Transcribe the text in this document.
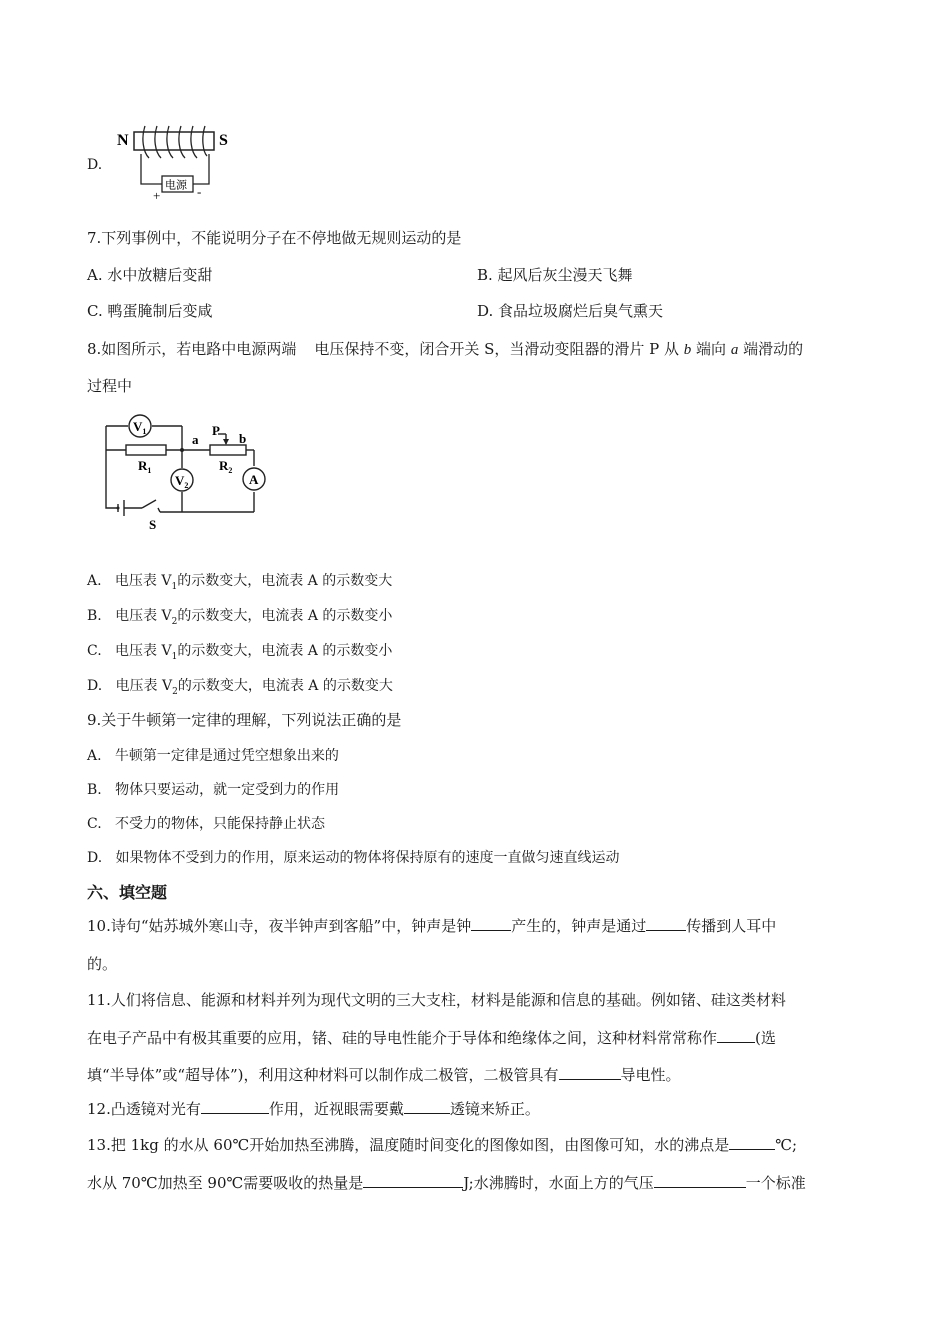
D.
N	S
电源
+	-
7.下列事例中，不能说明分子在不停地做无规则运动的是
A. 水中放糖后变甜	B. 起风后灰尘漫天飞舞
C. 鸭蛋腌制后变咸	D. 食品垃圾腐烂后臭气熏天
8.如图所示，若电路中电源两端 电压保持不变，闭合开关 S，当滑动变阻器的滑片 P 从 b 端向 a 端滑动的
过程中
$V_1$
$V_2$	A
$R_1$	$R_2$
a
P
b
S
A. 电压表 $V_1$的示数变大，电流表 A 的示数变大
B. 电压表 $V_2$的示数变大，电流表 A 的示数变小
C. 电压表 $V_1$的示数变大，电流表 A 的示数变小
D. 电压表 $V_2$的示数变大，电流表 A 的示数变大
9.关于牛顿第一定律的理解，下列说法正确的是
A. 牛顿第一定律是通过凭空想象出来的
B. 物体只要运动，就一定受到力的作用
C. 不受力的物体，只能保持静止状态
D. 如果物体不受到力的作用，原来运动的物体将保持原有的速度一直做匀速直线运动
六、填空题
10.诗句“姑苏城外寒山寺，夜半钟声到客船”中，钟声是钟	产生的，钟声是通过	传播到人耳中
的。
11.人们将信息、能源和材料并列为现代文明的三大支柱，材料是能源和信息的基础。例如锗、硅这类材料
在电子产品中有极其重要的应用，锗、硅的导电性能介于导体和绝缘体之间，这种材料常常称作	(选
填“半导体”或“超导体”)，利用这种材料可以制作成二极管，二极管具有	导电性。
12.凸透镜对光有	作用，近视眼需要戴	透镜来矫正。
13.把 1kg 的水从 60℃开始加热至沸腾，温度随时间变化的图像如图，由图像可知，水的沸点是	℃;
水从 70℃加热至 90℃需要吸收的热量是	J;水沸腾时，水面上方的气压	一个标准
